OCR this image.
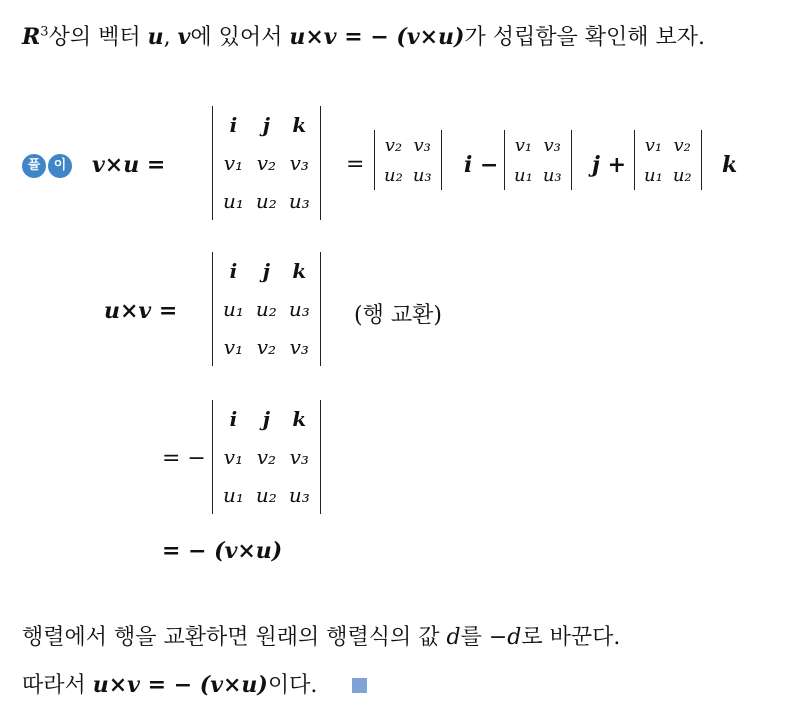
$R^3$상의 벡터 u, v에 있어서 u×v = − (v×u)가 성립함을 확인해 보자.
풀	이 v×u =
i	j	k
v₁	v₂	v₃
u₁	u₂	u₃
=
v₂	v₃
u₂	u₃ i −
v₁	v₃
u₁	u₃ j +
v₁	v₂
u₁	u₂ k
u×v =
i	j	k
u₁	u₂	u₃
v₁	v₂	v₃
(행 교환)
= −
i	j	k
v₁	v₂	v₃
u₁	u₂	u₃
= − (v×u)
행렬에서 행을 교환하면 원래의 행렬식의 값 d를 −d로 바꾼다.
따라서 u×v = − (v×u)이다.
